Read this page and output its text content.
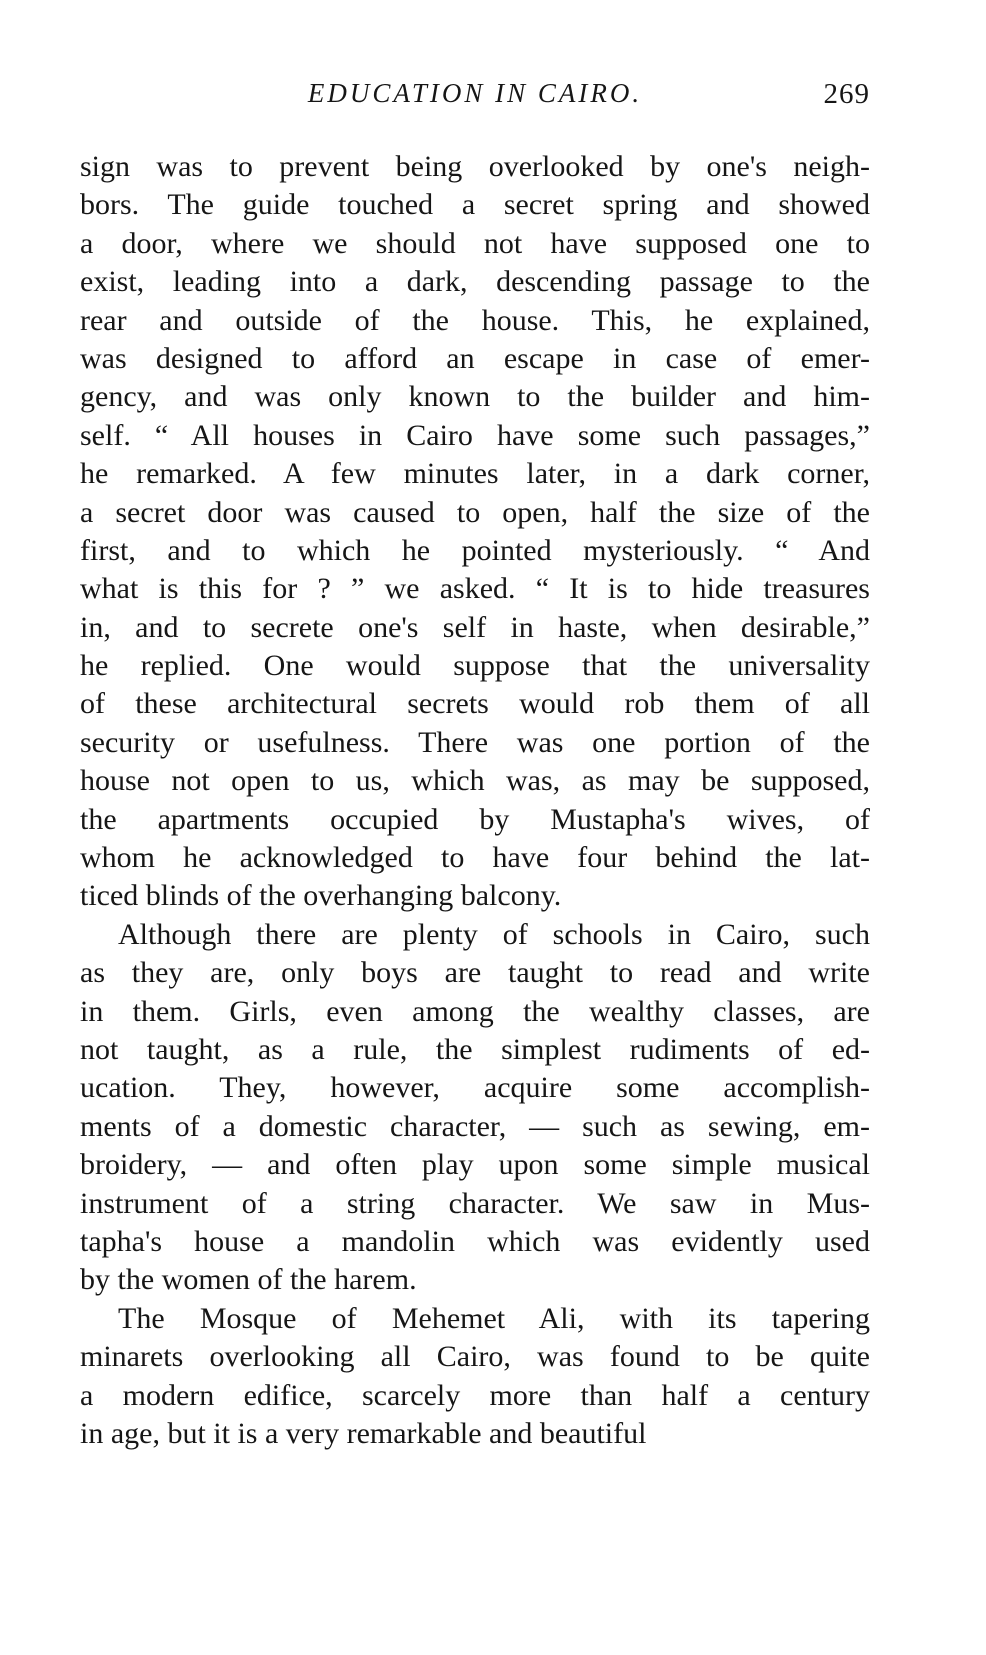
EDUCATION IN CAIRO.	269
sign was to prevent being overlooked by one's neigh-
bors. The guide touched a secret spring and showed
a door, where we should not have supposed one to
exist, leading into a dark, descending passage to the
rear and outside of the house. This, he explained,
was designed to afford an escape in case of emer-
gency, and was only known to the builder and him-
self. “ All houses in Cairo have some such passages,”
he remarked. A few minutes later, in a dark corner,
a secret door was caused to open, half the size of the
first, and to which he pointed mysteriously. “ And
what is this for ? ” we asked. “ It is to hide treasures
in, and to secrete one's self in haste, when desirable,”
he replied. One would suppose that the universality
of these architectural secrets would rob them of all
security or usefulness. There was one portion of the
house not open to us, which was, as may be supposed,
the apartments occupied by Mustapha's wives, of
whom he acknowledged to have four behind the lat-
ticed blinds of the overhanging balcony.
Although there are plenty of schools in Cairo, such
as they are, only boys are taught to read and write
in them. Girls, even among the wealthy classes, are
not taught, as a rule, the simplest rudiments of ed-
ucation. They, however, acquire some accomplish-
ments of a domestic character, — such as sewing, em-
broidery, — and often play upon some simple musical
instrument of a string character. We saw in Mus-
tapha's house a mandolin which was evidently used
by the women of the harem.
The Mosque of Mehemet Ali, with its tapering
minarets overlooking all Cairo, was found to be quite
a modern edifice, scarcely more than half a century
in age, but it is a very remarkable and beautiful
